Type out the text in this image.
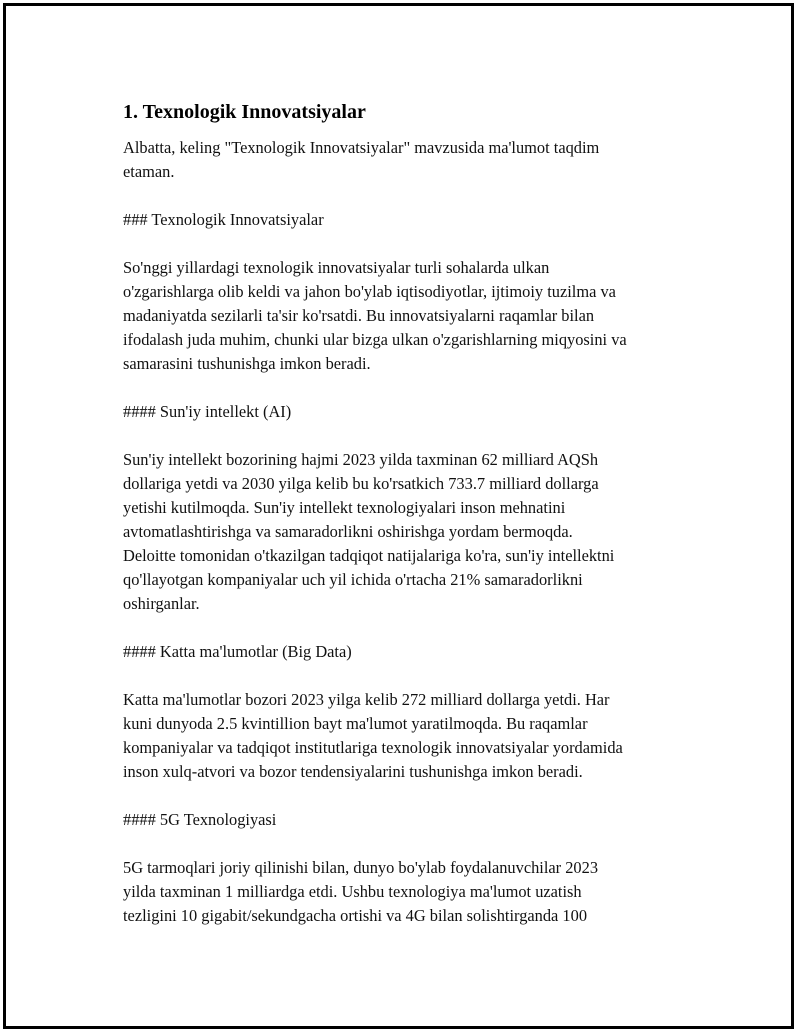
1. Texnologik Innovatsiyalar

Albatta, keling "Texnologik Innovatsiyalar" mavzusida ma'lumot taqdim
etaman.

### Texnologik Innovatsiyalar

So'nggi yillardagi texnologik innovatsiyalar turli sohalarda ulkan
o'zgarishlarga olib keldi va jahon bo'ylab iqtisodiyotlar, ijtimoiy tuzilma va
madaniyatda sezilarli ta'sir ko'rsatdi. Bu innovatsiyalarni raqamlar bilan
ifodalash juda muhim, chunki ular bizga ulkan o'zgarishlarning miqyosini va
samarasini tushunishga imkon beradi.

#### Sun'iy intellekt (AI)

Sun'iy intellekt bozorining hajmi 2023 yilda taxminan 62 milliard AQSh
dollariga yetdi va 2030 yilga kelib bu ko'rsatkich 733.7 milliard dollarga
yetishi kutilmoqda. Sun'iy intellekt texnologiyalari inson mehnatini
avtomatlashtirishga va samaradorlikni oshirishga yordam bermoqda.
Deloitte tomonidan o'tkazilgan tadqiqot natijalariga ko'ra, sun'iy intellektni
qo'llayotgan kompaniyalar uch yil ichida o'rtacha 21% samaradorlikni
oshirganlar.

#### Katta ma'lumotlar (Big Data)

Katta ma'lumotlar bozori 2023 yilga kelib 272 milliard dollarga yetdi. Har
kuni dunyoda 2.5 kvintillion bayt ma'lumot yaratilmoqda. Bu raqamlar
kompaniyalar va tadqiqot institutlariga texnologik innovatsiyalar yordamida
inson xulq-atvori va bozor tendensiyalarini tushunishga imkon beradi.

#### 5G Texnologiyasi

5G tarmoqlari joriy qilinishi bilan, dunyo bo'ylab foydalanuvchilar 2023
yilda taxminan 1 milliardga etdi. Ushbu texnologiya ma'lumot uzatish
tezligini 10 gigabit/sekundgacha ortishi va 4G bilan solishtirganda 100
